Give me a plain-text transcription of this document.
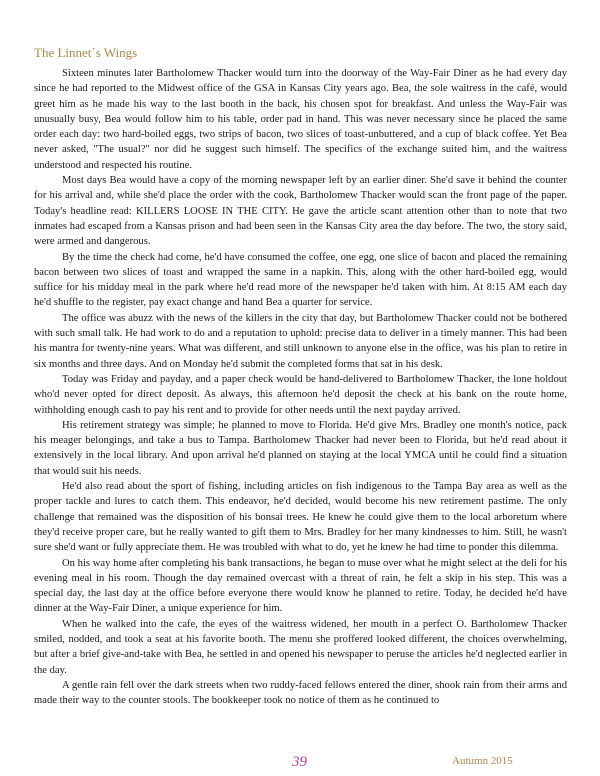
The Linnet´s Wings

Sixteen minutes later Bartholomew Thacker would turn into the doorway of the Way-Fair Diner as he had every day since he had reported to the Midwest office of the GSA in Kansas City years ago. Bea, the sole waitress in the café, would greet him as he made his way to the last booth in the back, his chosen spot for breakfast. And unless the Way-Fair was unusually busy, Bea would follow him to his table, order pad in hand. This was never necessary since he placed the same order each day: two hard-boiled eggs, two strips of bacon, two slices of toast-unbuttered, and a cup of black coffee. Yet Bea never asked, "The usual?" nor did he suggest such himself. The specifics of the exchange suited him, and the waitress understood and respected his routine.

Most days Bea would have a copy of the morning newspaper left by an earlier diner. She'd save it behind the counter for his arrival and, while she'd place the order with the cook, Bartholomew Thacker would scan the front page of the paper. Today's headline read: KILLERS LOOSE IN THE CITY. He gave the article scant attention other than to note that two inmates had escaped from a Kansas prison and had been seen in the Kansas City area the day before. The two, the story said, were armed and dangerous.

By the time the check had come, he'd have consumed the coffee, one egg, one slice of bacon and placed the remaining bacon between two slices of toast and wrapped the same in a napkin. This, along with the other hard-boiled egg, would suffice for his midday meal in the park where he'd read more of the newspaper he'd taken with him. At 8:15 AM each day he'd shuffle to the register, pay exact change and hand Bea a quarter for service.

The office was abuzz with the news of the killers in the city that day, but Bartholomew Thacker could not be bothered with such small talk. He had work to do and a reputation to uphold: precise data to deliver in a timely manner. This had been his mantra for twenty-nine years. What was different, and still unknown to anyone else in the office, was his plan to retire in six months and three days. And on Monday he'd submit the completed forms that sat in his desk.

Today was Friday and payday, and a paper check would be hand-delivered to Bartholomew Thacker, the lone holdout who'd never opted for direct deposit. As always, this afternoon he'd deposit the check at his bank on the route home, withholding enough cash to pay his rent and to provide for other needs until the next payday arrived.

His retirement strategy was simple; he planned to move to Florida. He'd give Mrs. Bradley one month's notice, pack his meager belongings, and take a bus to Tampa. Bartholomew Thacker had never been to Florida, but he'd read about it extensively in the local library. And upon arrival he'd planned on staying at the local YMCA until he could find a situation that would suit his needs.

He'd also read about the sport of fishing, including articles on fish indigenous to the Tampa Bay area as well as the proper tackle and lures to catch them. This endeavor, he'd decided, would become his new retirement pastime. The only challenge that remained was the disposition of his bonsai trees. He knew he could give them to the local arboretum where they'd receive proper care, but he really wanted to gift them to Mrs. Bradley for her many kindnesses to him. Still, he wasn't sure she'd want or fully appreciate them. He was troubled with what to do, yet he knew he had time to ponder this dilemma.

On his way home after completing his bank transactions, he began to muse over what he might select at the deli for his evening meal in his room. Though the day remained overcast with a threat of rain, he felt a skip in his step. This was a special day, the last day at the office before everyone there would know he planned to retire. Today, he decided he'd have dinner at the Way-Fair Diner, a unique experience for him.

When he walked into the cafe, the eyes of the waitress widened, her mouth in a perfect O. Bartholomew Thacker smiled, nodded, and took a seat at his favorite booth. The menu she proffered looked different, the choices overwhelming, but after a brief give-and-take with Bea, he settled in and opened his newspaper to peruse the articles he'd neglected earlier in the day.

A gentle rain fell over the dark streets when two ruddy-faced fellows entered the diner, shook rain from their arms and made their way to the counter stools. The bookkeeper took no notice of them as he continued to

39	Autumn 2015
